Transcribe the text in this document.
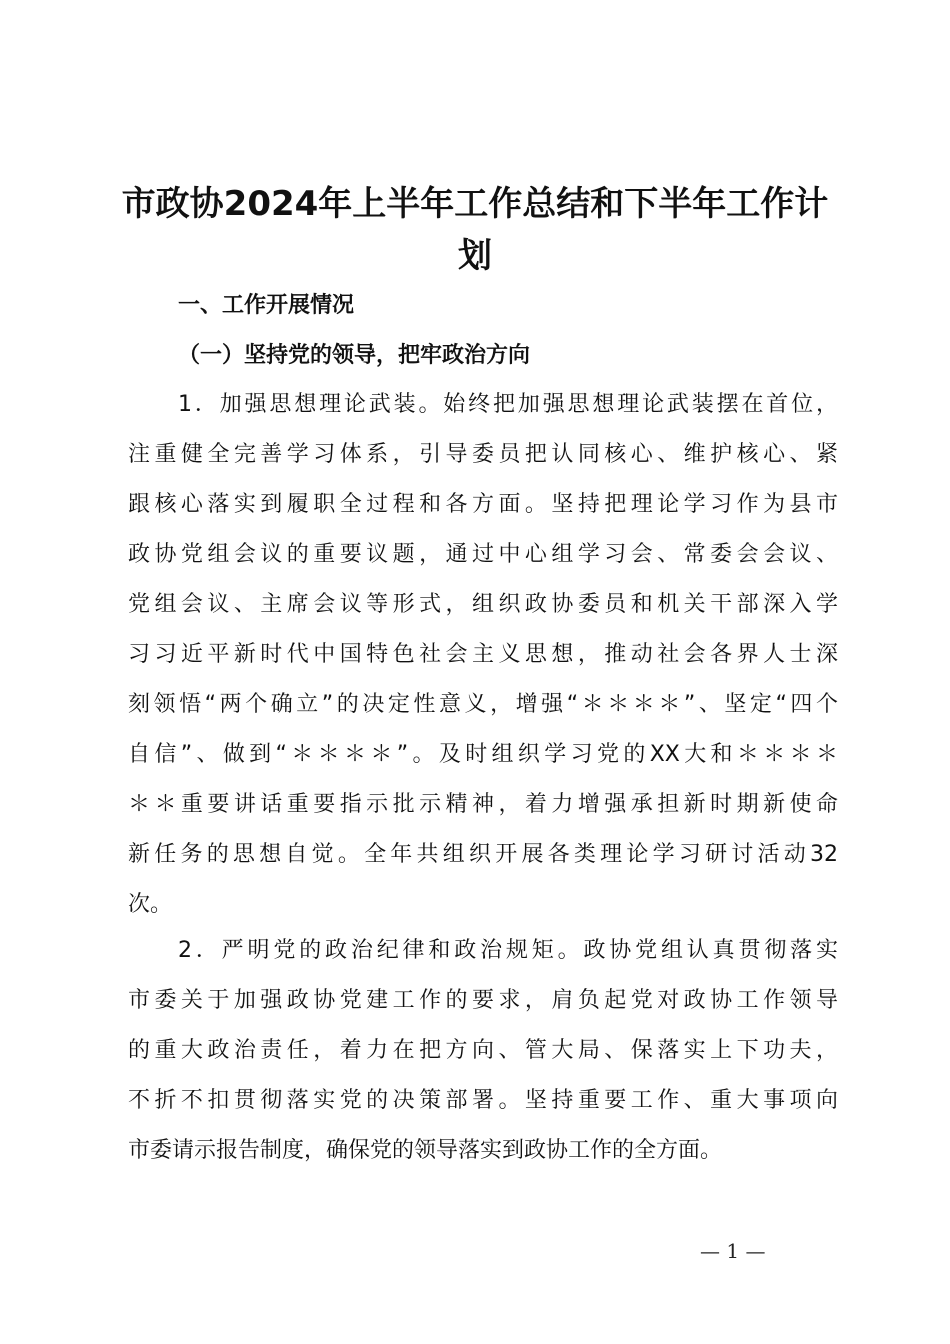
市政协2024年上半年工作总结和下半年工作计划
一、工作开展情况
（一）坚持党的领导，把牢政治方向
1．加强思想理论武装。始终把加强思想理论武装摆在首位，
注重健全完善学习体系，引导委员把认同核心、维护核心、紧
跟核心落实到履职全过程和各方面。坚持把理论学习作为县市
政协党组会议的重要议题，通过中心组学习会、常委会会议、
党组会议、主席会议等形式，组织政协委员和机关干部深入学
习习近平新时代中国特色社会主义思想，推动社会各界人士深
刻领悟“两个确立”的决定性意义，增强“＊＊＊＊”、坚定“四个
自信”、做到“＊＊＊＊”。及时组织学习党的XX大和＊＊＊＊
＊＊重要讲话重要指示批示精神，着力增强承担新时期新使命
新任务的思想自觉。全年共组织开展各类理论学习研讨活动32
次。
2．严明党的政治纪律和政治规矩。政协党组认真贯彻落实
市委关于加强政协党建工作的要求，肩负起党对政协工作领导
的重大政治责任，着力在把方向、管大局、保落实上下功夫，
不折不扣贯彻落实党的决策部署。坚持重要工作、重大事项向
市委请示报告制度，确保党的领导落实到政协工作的全方面。
— 1 —
